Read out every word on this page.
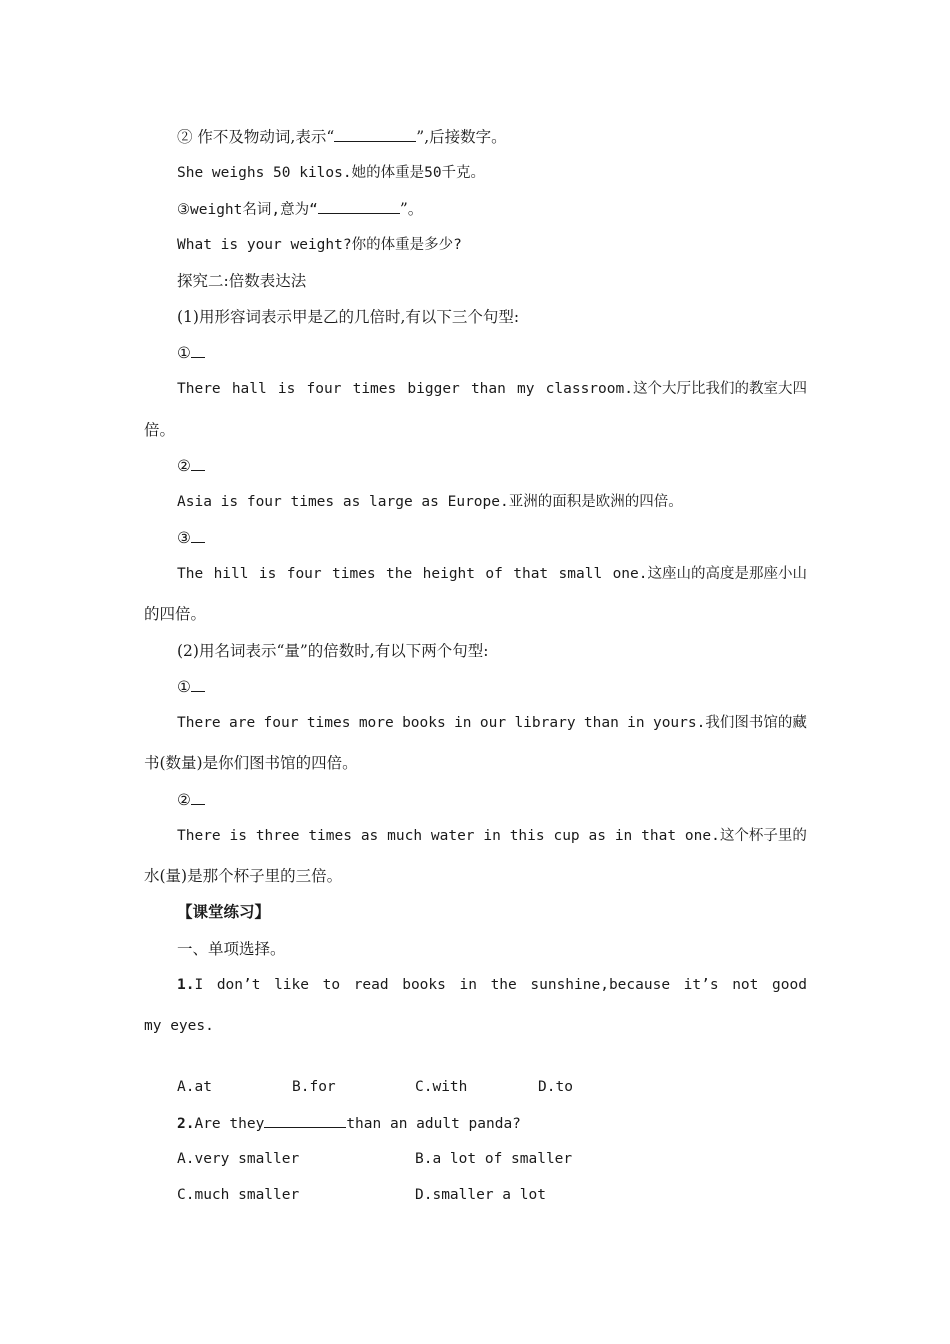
② 作不及物动词,表示“	”,后接数字。
She weighs 50 kilos.她的体重是50千克。
③weight名词,意为“	”。
What is your weight?你的体重是多少?
探究二:倍数表达法
(1)用形容词表示甲是乙的几倍时,有以下三个句型:
①
There hall is four times bigger than my classroom.这个大厅比我们的教室大四
倍。
②
Asia is four times as large as Europe.亚洲的面积是欧洲的四倍。
③
The hill is four times the height of that small one.这座山的高度是那座小山
的四倍。
(2)用名词表示“量”的倍数时,有以下两个句型:
①
There are four times more books in our library than in yours.我们图书馆的藏
书(数量)是你们图书馆的四倍。
②
There is three times as much water in this cup as in that one.这个杯子里的
水(量)是那个杯子里的三倍。
【课堂练习】
一、单项选择。
1.I don’t like to read books in the sunshine,because it’s not good
my eyes.
A.at	B.for	C.with	D.to
2.Are they	than an adult panda?
A.very smaller	B.a lot of smaller
C.much smaller	D.smaller a lot
